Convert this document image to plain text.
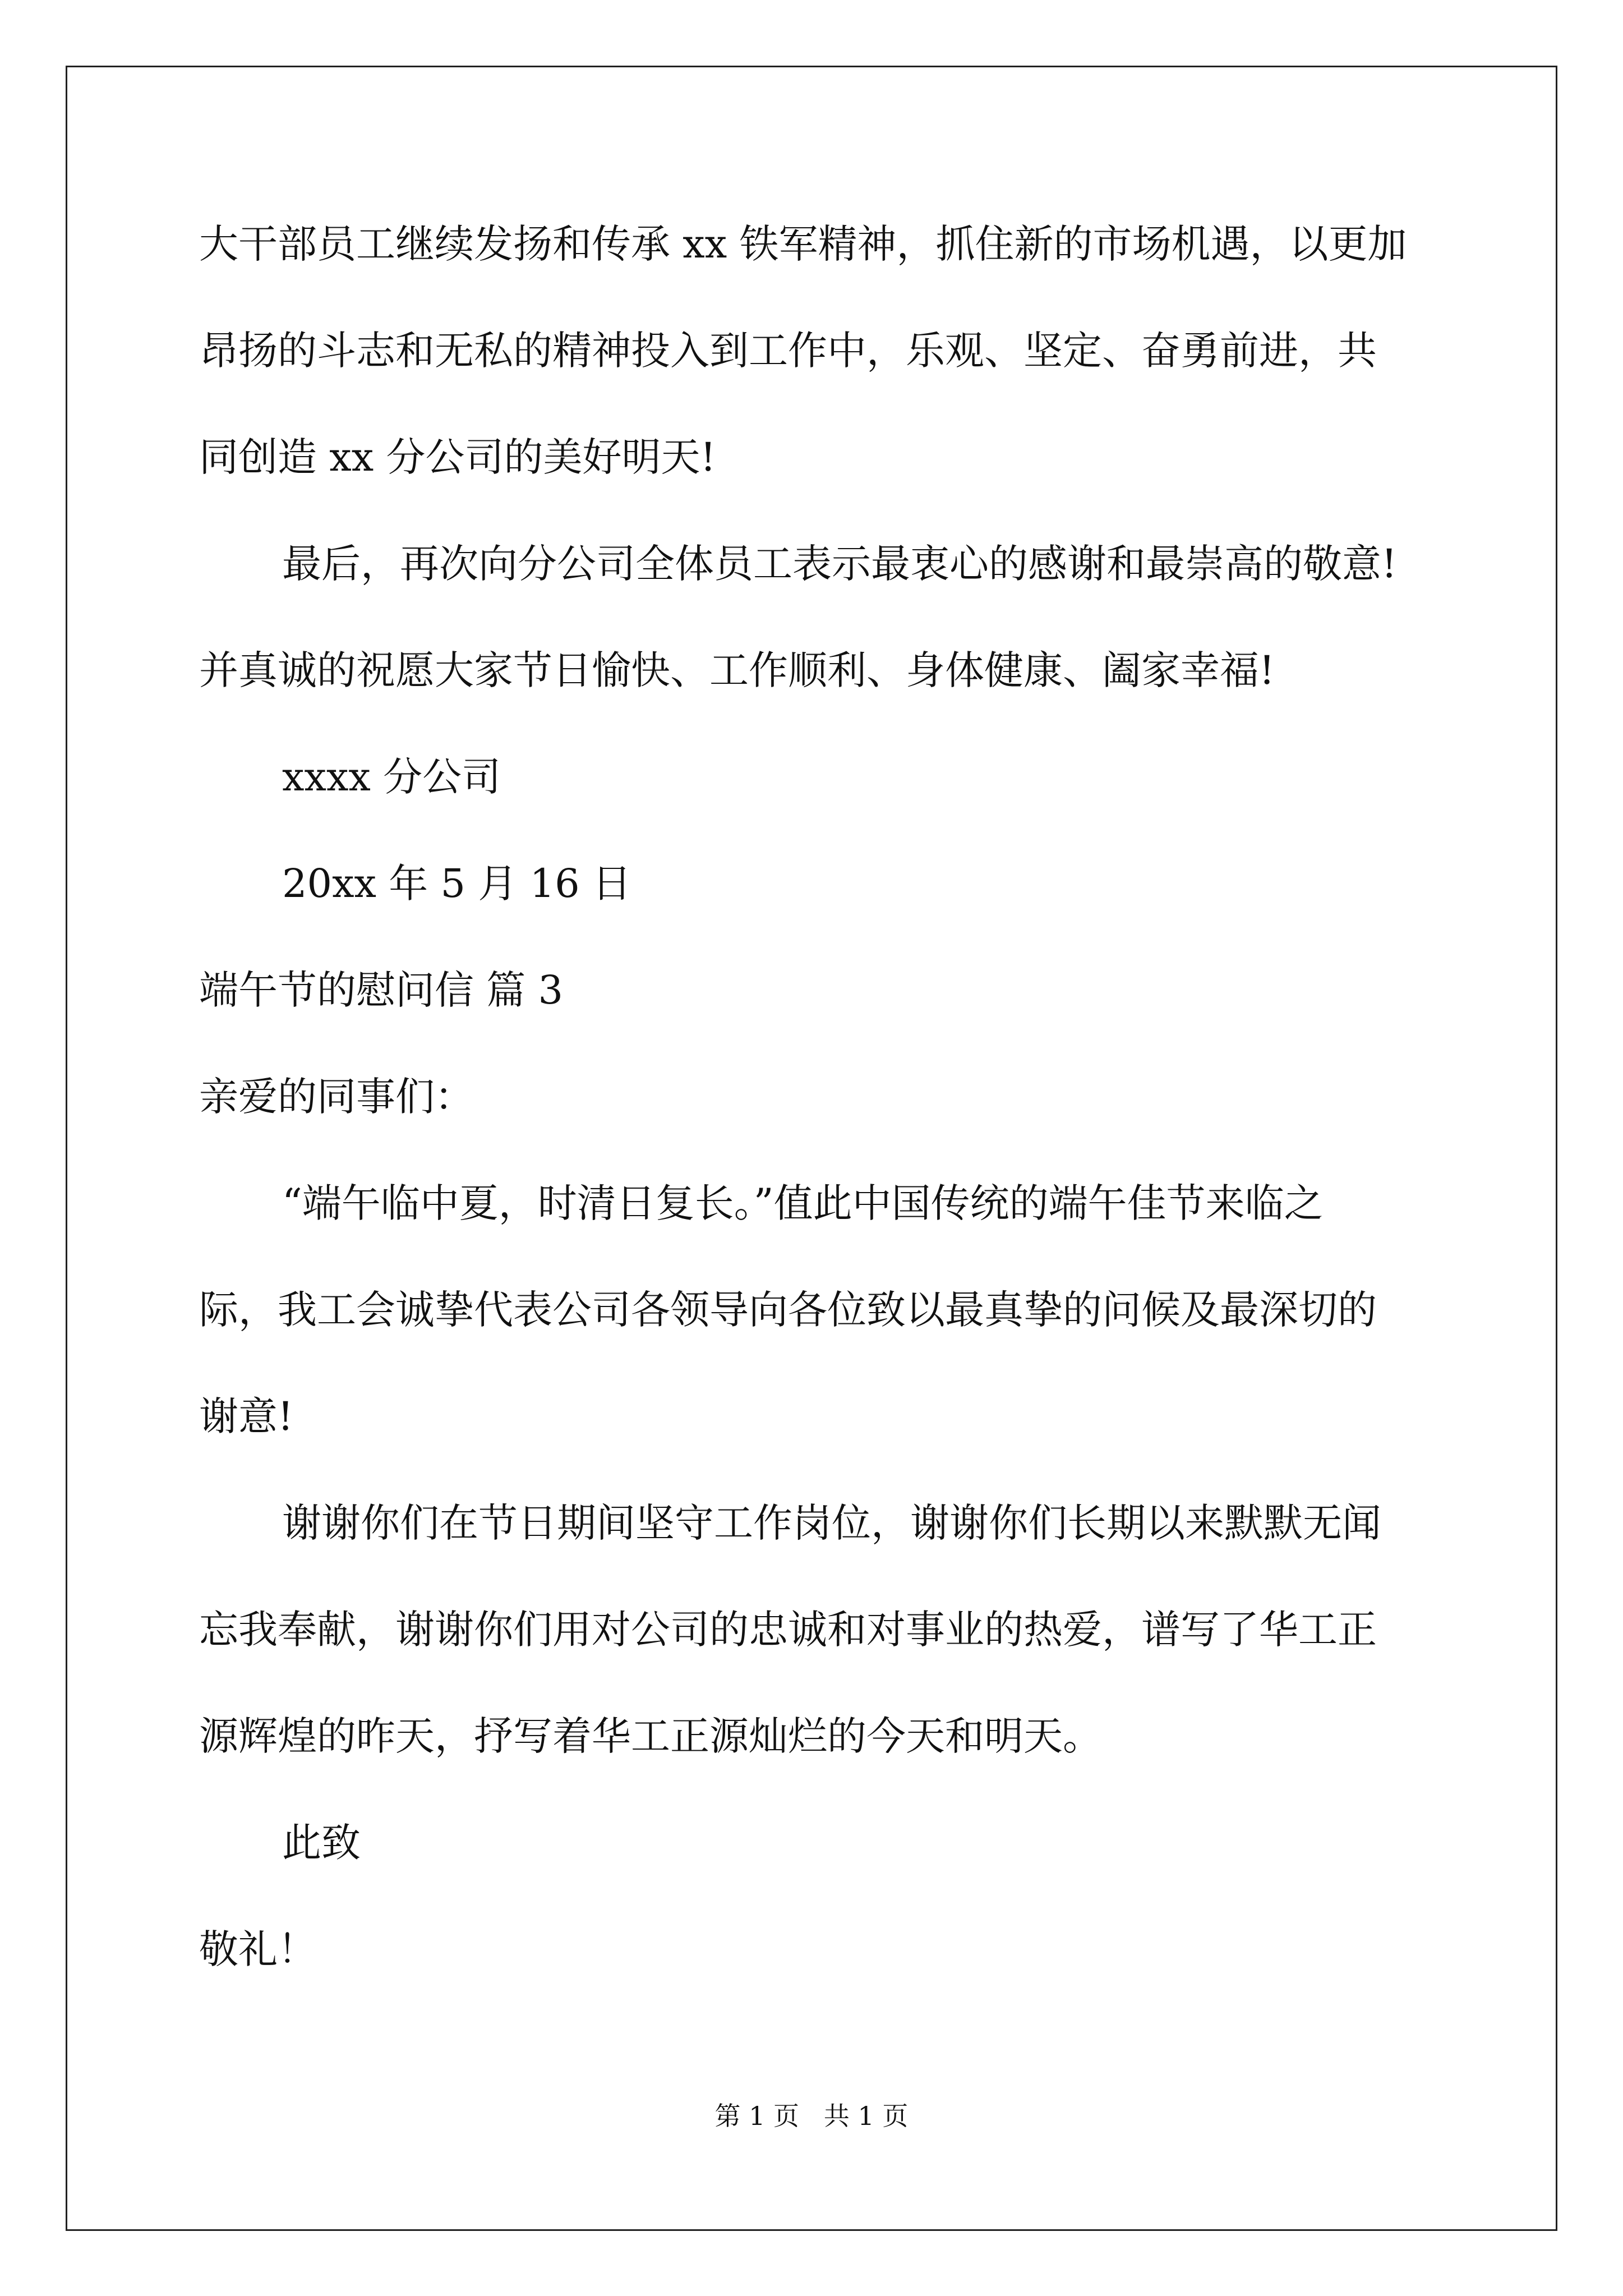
大干部员工继续发扬和传承 xx 铁军精神，抓住新的市场机遇，以更加
昂扬的斗志和无私的精神投入到工作中，乐观、坚定、奋勇前进，共
同创造 xx 分公司的美好明天!
最后，再次向分公司全体员工表示最衷心的感谢和最崇高的敬意!
并真诚的祝愿大家节日愉快、工作顺利、身体健康、阖家幸福!
xxxx 分公司
20xx 年 5 月 16 日
端午节的慰问信 篇 3
亲爱的同事们：
“端午临中夏，时清日复长。”值此中国传统的端午佳节来临之
际，我工会诚挚代表公司各领导向各位致以最真挚的问候及最深切的
谢意!
谢谢你们在节日期间坚守工作岗位，谢谢你们长期以来默默无闻
忘我奉献，谢谢你们用对公司的忠诚和对事业的热爱，谱写了华工正
源辉煌的昨天，抒写着华工正源灿烂的今天和明天。
此致
敬礼！
第 1 页   共 1 页
